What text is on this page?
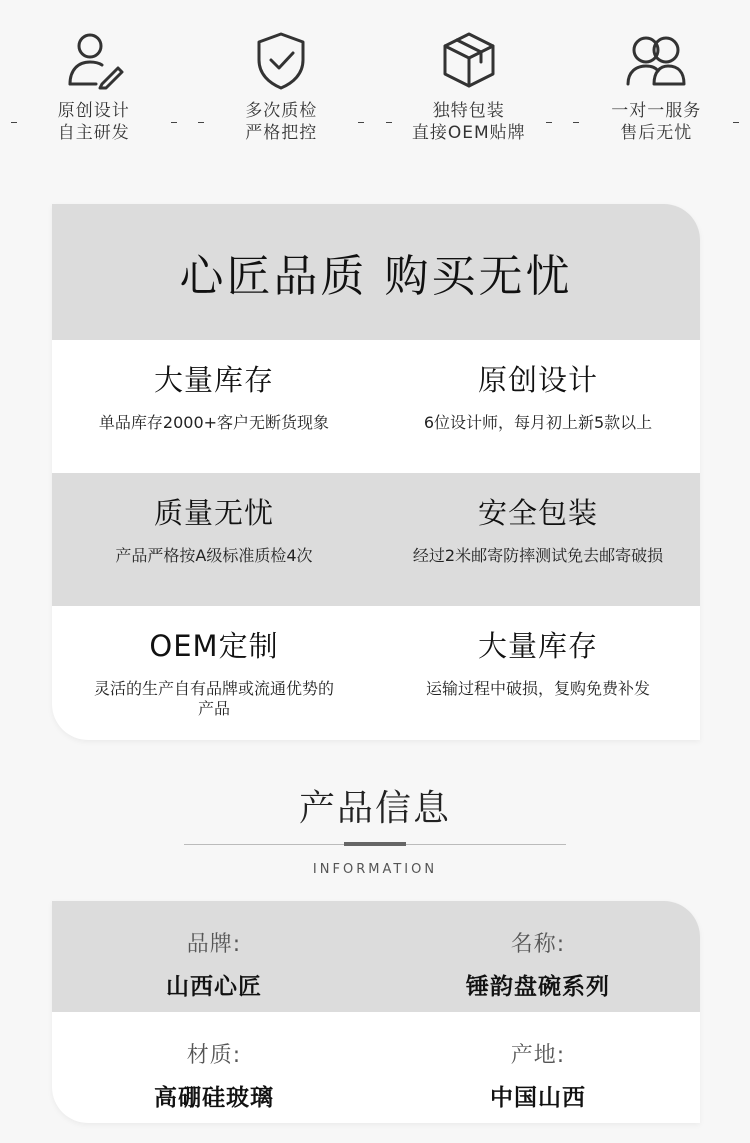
原创设计
自主研发
多次质检
严格把控
独特包装
直接OEM贴牌
一对一服务
售后无忧
心匠品质 购买无忧
大量库存
单品库存2000+客户无断货现象
原创设计
6位设计师，每月初上新5款以上
质量无忧
产品严格按A级标准质检4次
安全包装
经过2米邮寄防摔测试免去邮寄破损
OEM定制
灵活的生产自有品牌或流通优势的产品
大量库存
运输过程中破损，复购免费补发
产品信息
INFORMATION
品牌:
山西心匠
名称:
锤韵盘碗系列
材质:
高硼硅玻璃
产地:
中国山西
